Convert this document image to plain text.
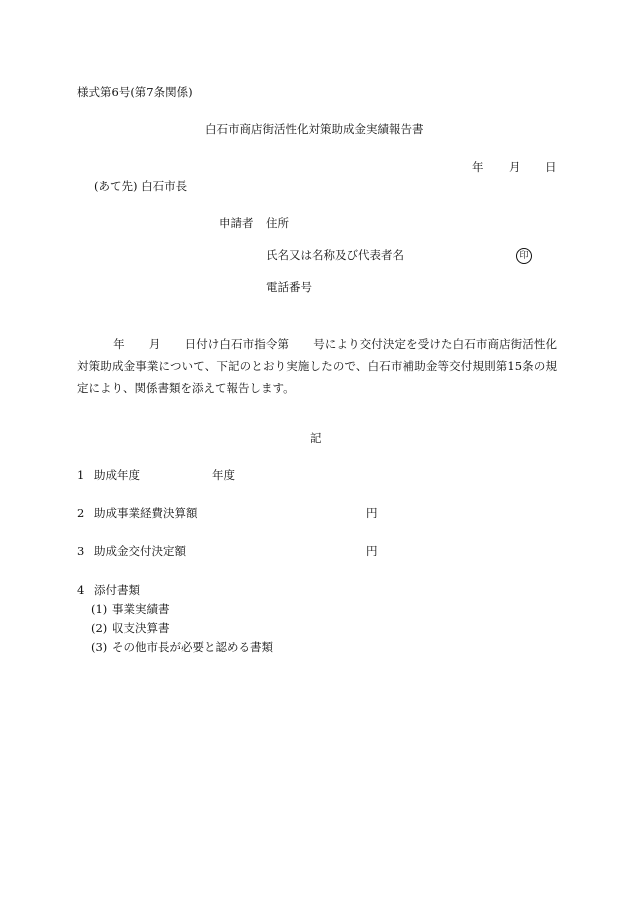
様式第6号(第7条関係)
白石市商店街活性化対策助成金実績報告書
年 月 日
(あて先) 白石市長
申請者 住所
氏名又は名称及び代表者名	印
電話番号
年 月 日付け白石市指令第 号により交付決定を受けた白石市商店街活性化対策助成金事業について、下記のとおり実施したので、白石市補助金等交付規則第15条の規定により、関係書類を添えて報告します。
記
1 助成年度	年度
2 助成事業経費決算額	円
3 助成金交付決定額	円
4 添付書類
(1) 事業実績書
(2) 収支決算書
(3) その他市長が必要と認める書類
